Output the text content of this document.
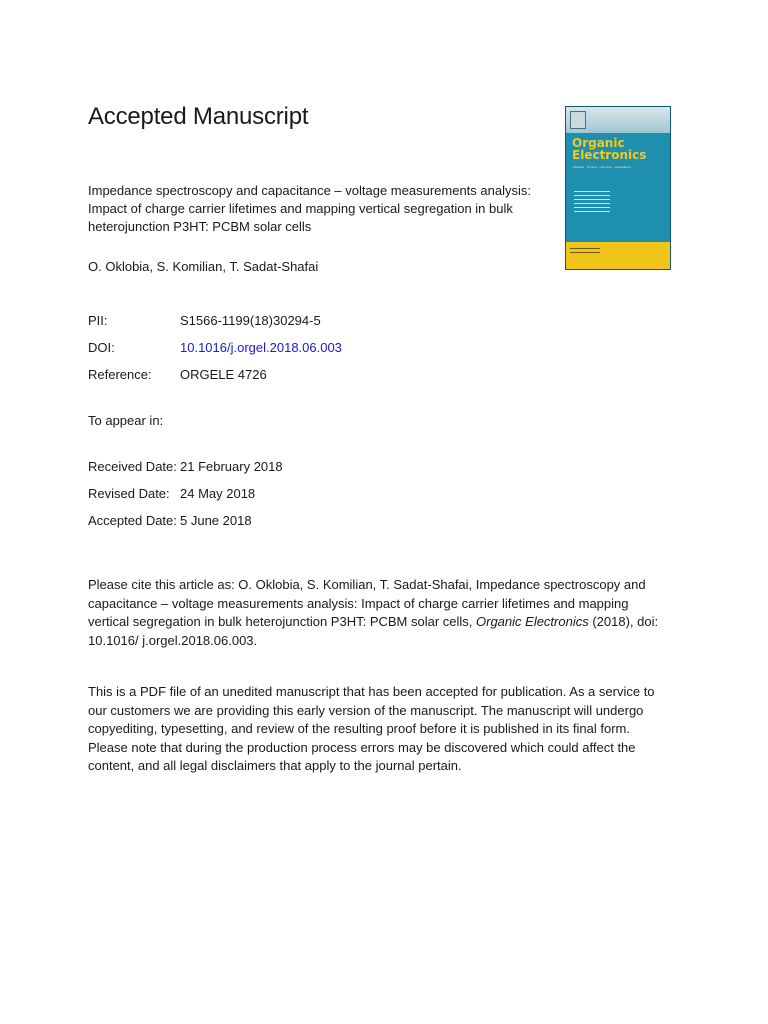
Accepted Manuscript
Organic
Electronics
materials · physics · chemistry · applications
Impedance spectroscopy and capacitance – voltage measurements analysis: Impact of charge carrier lifetimes and mapping vertical segregation in bulk heterojunction P3HT: PCBM solar cells
O. Oklobia, S. Komilian, T. Sadat-Shafai
PII:	S1566-1199(18)30294-5
DOI:	10.1016/j.orgel.2018.06.003
Reference: ORGELE 4726
To appear in:
Received Date: 21 February 2018
Revised Date: 24 May 2018
Accepted Date: 5 June 2018
Please cite this article as: O. Oklobia, S. Komilian, T. Sadat-Shafai, Impedance spectroscopy and capacitance – voltage measurements analysis: Impact of charge carrier lifetimes and mapping vertical segregation in bulk heterojunction P3HT: PCBM solar cells, Organic Electronics (2018), doi: 10.1016/ j.orgel.2018.06.003.
This is a PDF file of an unedited manuscript that has been accepted for publication. As a service to our customers we are providing this early version of the manuscript. The manuscript will undergo copyediting, typesetting, and review of the resulting proof before it is published in its final form. Please note that during the production process errors may be discovered which could affect the content, and all legal disclaimers that apply to the journal pertain.
